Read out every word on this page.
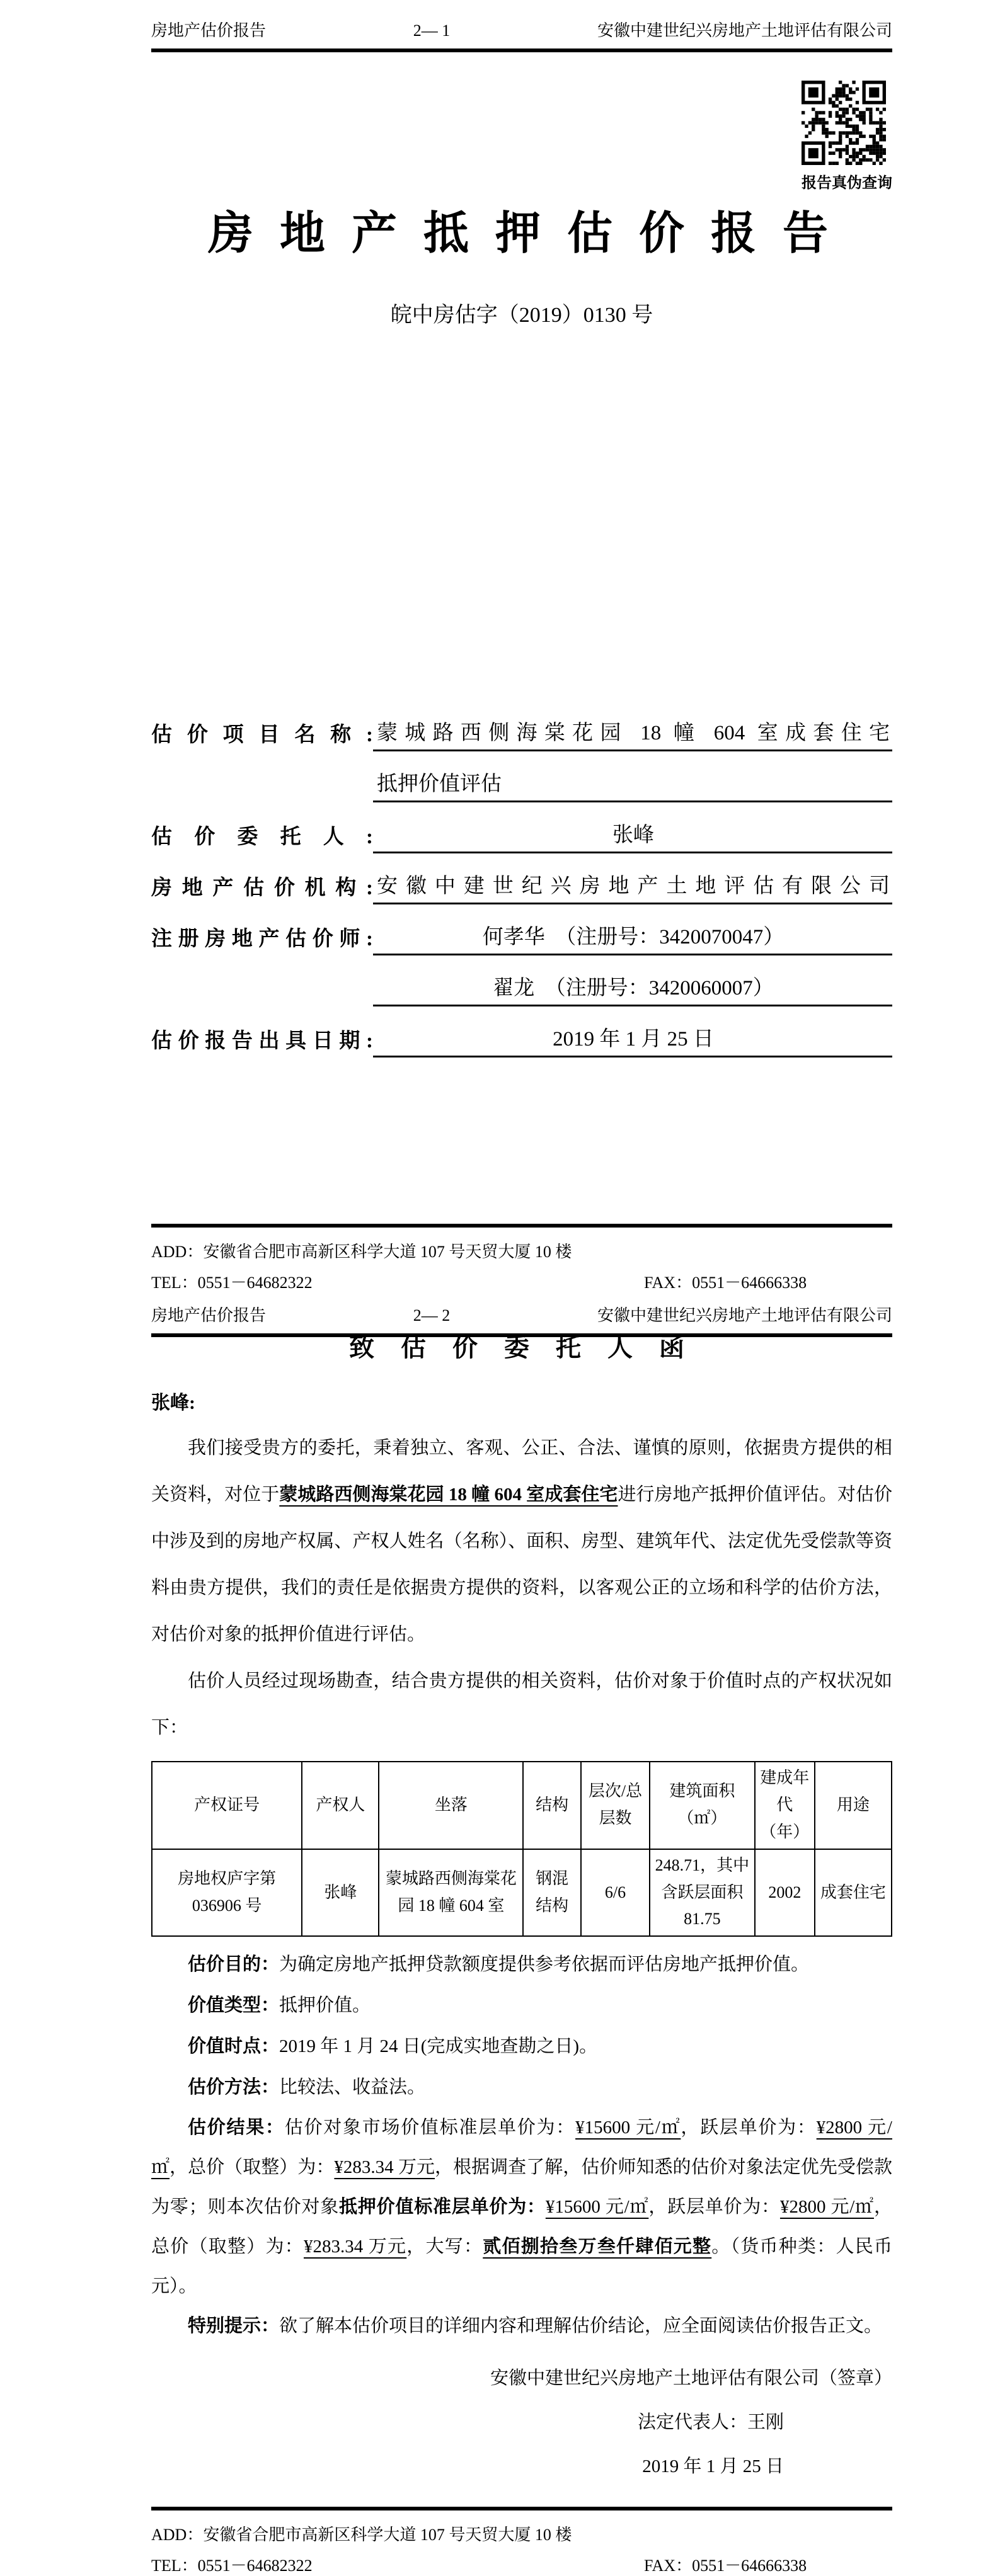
房地产估价报告	2— 1	安徽中建世纪兴房地产土地评估有限公司
报告真伪查询
房 地 产 抵 押 估 价 报 告
皖中房估字（2019）0130 号
估价项目名称: 蒙城路西侧海棠花园 18 幢 604 室成套住宅
抵押价值评估
估价委托人:	张峰
房地产估价机构: 安徽中建世纪兴房地产土地评估有限公司
注册房地产估价师:	何孝华　（注册号：3420070047）
翟龙　（注册号：3420060007）
估价报告出具日期:	2019 年 1 月 25 日
ADD：安徽省合肥市高新区科学大道 107 号天贸大厦 10 楼
TEL：0551－64682322	FAX：0551－64666338
房地产估价报告	2— 2	安徽中建世纪兴房地产土地评估有限公司
致 估 价 委 托 人 函
张峰:
我们接受贵方的委托，秉着独立、客观、公正、合法、谨慎的原则，依据贵方提供的相关资料，对位于蒙城路西侧海棠花园 18 幢 604 室成套住宅进行房地产抵押价值评估。对估价中涉及到的房地产权属、产权人姓名（名称）、面积、房型、建筑年代、法定优先受偿款等资料由贵方提供，我们的责任是依据贵方提供的资料，以客观公正的立场和科学的估价方法，对估价对象的抵押价值进行评估。
估价人员经过现场勘查，结合贵方提供的相关资料，估价对象于价值时点的产权状况如下：
产权证号	产权人	坐落	结构	层次/总层数	建筑面积（㎡）	建成年代（年）	用途
房地权庐字第 036906 号	张峰	蒙城路西侧海棠花园 18 幢 604 室	钢混结构	6/6	248.71，其中含跃层面积 81.75	2002	成套住宅
估价目的：为确定房地产抵押贷款额度提供参考依据而评估房地产抵押价值。
价值类型：抵押价值。
价值时点：2019 年 1 月 24 日(完成实地查勘之日)。
估价方法：比较法、收益法。
估价结果：估价对象市场价值标准层单价为：¥15600 元/㎡，跃层单价为：¥2800 元/㎡，总价（取整）为：¥283.34 万元，根据调查了解，估价师知悉的估价对象法定优先受偿款为零；则本次估价对象抵押价值标准层单价为：¥15600 元/㎡，跃层单价为：¥2800 元/㎡，总价（取整）为：¥283.34 万元，大写：贰佰捌拾叁万叁仟肆佰元整。（货币种类：人民币元）。
特别提示：欲了解本估价项目的详细内容和理解估价结论，应全面阅读估价报告正文。
安徽中建世纪兴房地产土地评估有限公司（签章）
法定代表人：王刚
2019 年 1 月 25 日
ADD：安徽省合肥市高新区科学大道 107 号天贸大厦 10 楼
TEL：0551－64682322	FAX：0551－64666338
